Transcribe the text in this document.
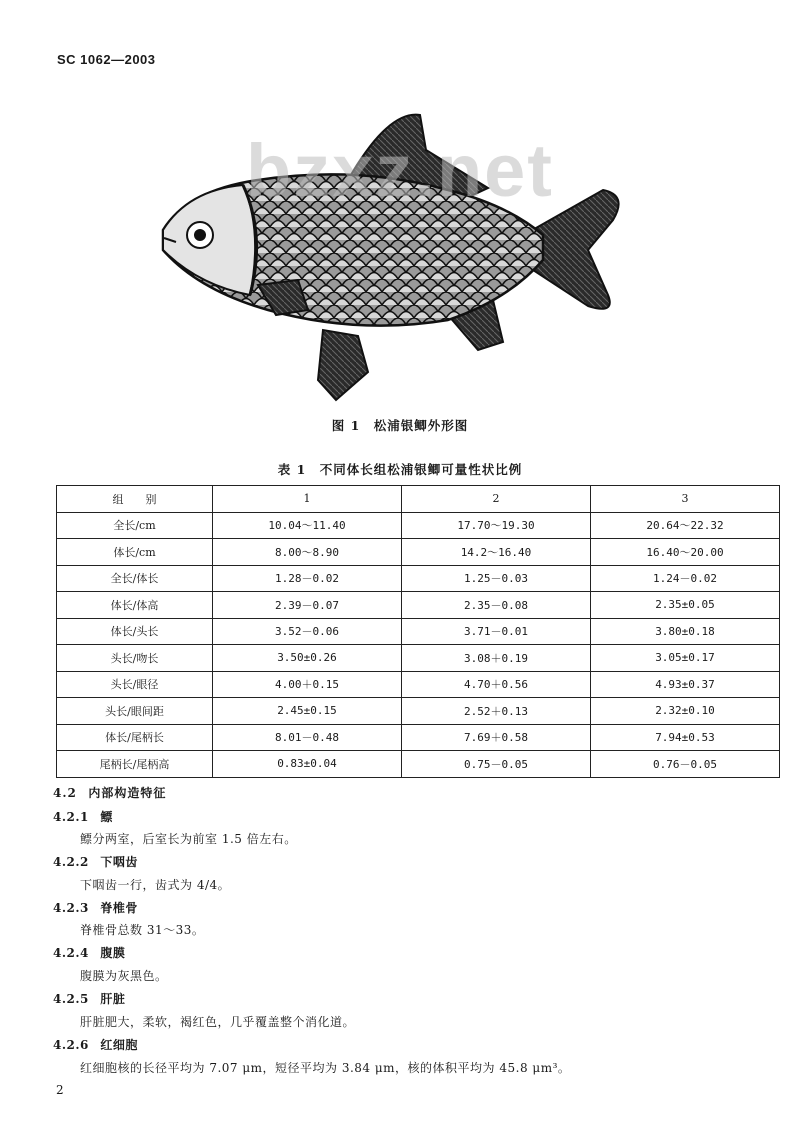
SC 1062—2003
bzxz.net
图 1　松浦银鲫外形图
表 1　不同体长组松浦银鲫可量性状比例
组　　别	1	2	3
全长/cm	10.04～11.40	17.70～19.30	20.64～22.32
体长/cm	8.00～8.90	14.2～16.40	16.40～20.00
全长/体长	1.28－0.02	1.25－0.03	1.24－0.02
体长/体高	2.39－0.07	2.35－0.08	2.35±0.05
体长/头长	3.52－0.06	3.71－0.01	3.80±0.18
头长/吻长	3.50±0.26	3.08＋0.19	3.05±0.17
头长/眼径	4.00＋0.15	4.70＋0.56	4.93±0.37
头长/眼间距	2.45±0.15	2.52＋0.13	2.32±0.10
体长/尾柄长	8.01－0.48	7.69＋0.58	7.94±0.53
尾柄长/尾柄高	0.83±0.04	0.75－0.05	0.76－0.05
4.2 内部构造特征
4.2.1 鳔
鳔分两室，后室长为前室 1.5 倍左右。
4.2.2 下咽齿
下咽齿一行，齿式为 4/4。
4.2.3 脊椎骨
脊椎骨总数 31～33。
4.2.4 腹膜
腹膜为灰黑色。
4.2.5 肝脏
肝脏肥大，柔软，褐红色，几乎覆盖整个消化道。
4.2.6 红细胞
红细胞核的长径平均为 7.07 μm，短径平均为 3.84 μm，核的体积平均为 45.8 μm³。
2
